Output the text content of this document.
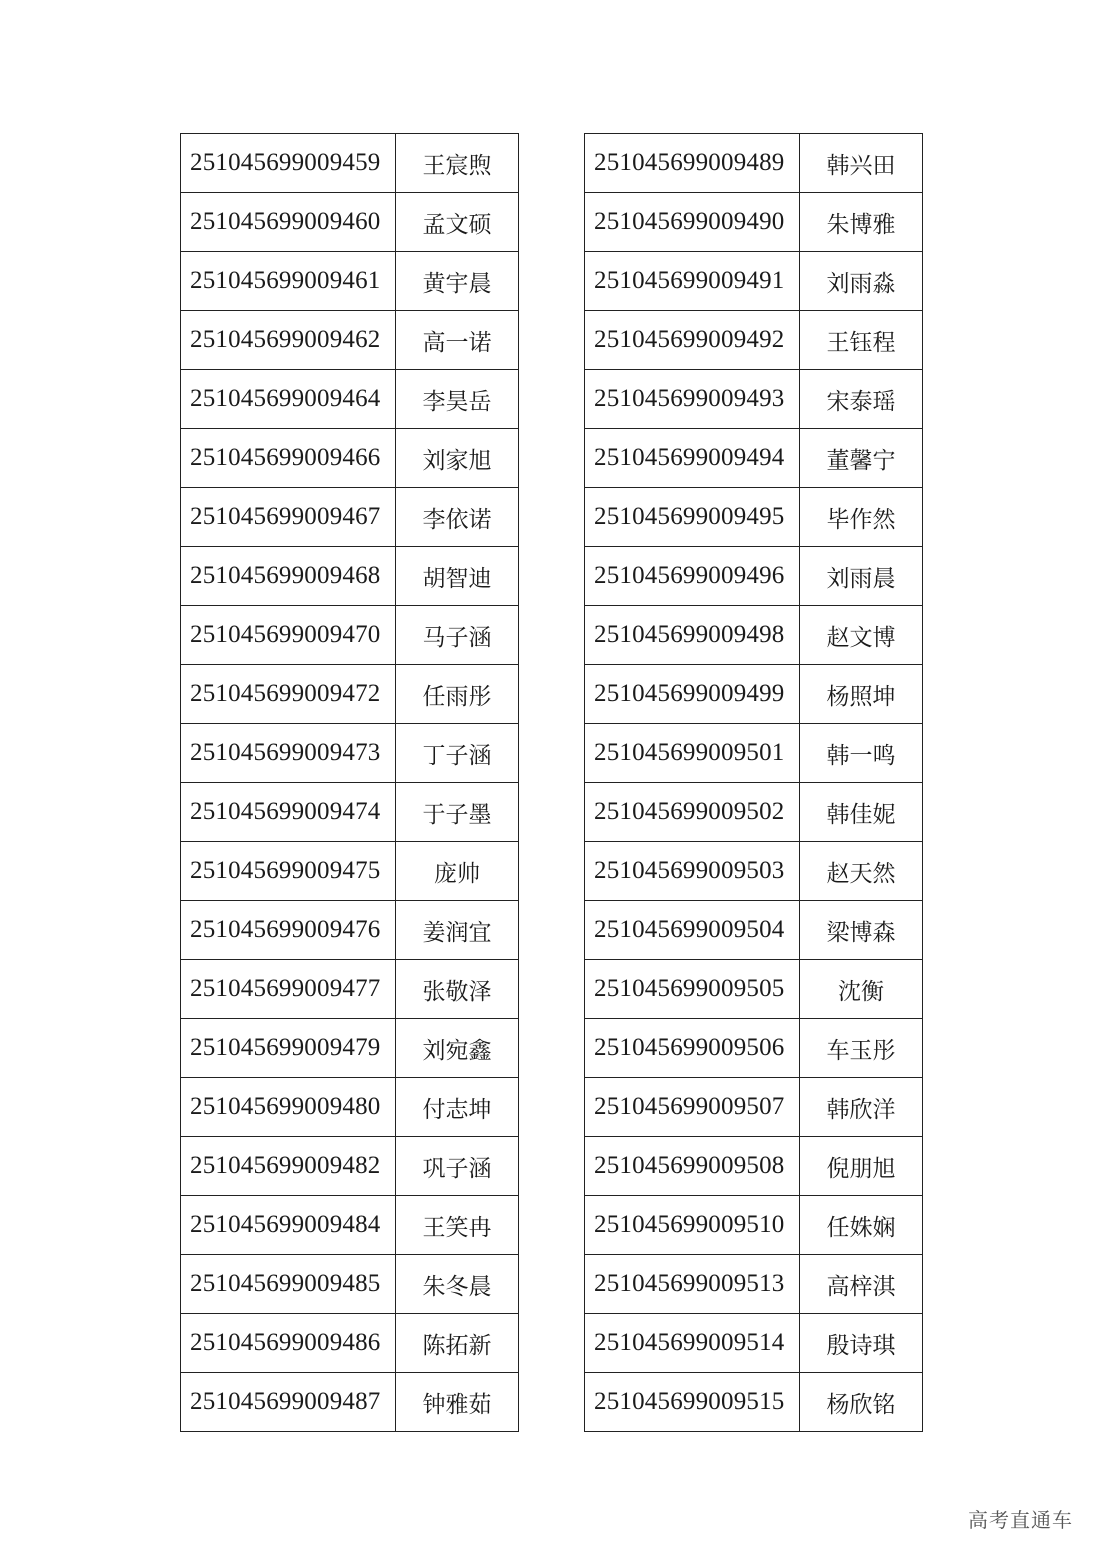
251045699009459	王宸煦
251045699009460	孟文硕
251045699009461	黄宇晨
251045699009462	高一诺
251045699009464	李昊岳
251045699009466	刘家旭
251045699009467	李依诺
251045699009468	胡智迪
251045699009470	马子涵
251045699009472	任雨彤
251045699009473	丁子涵
251045699009474	于子墨
251045699009475	庞帅
251045699009476	姜润宜
251045699009477	张敬泽
251045699009479	刘宛鑫
251045699009480	付志坤
251045699009482	巩子涵
251045699009484	王笑冉
251045699009485	朱冬晨
251045699009486	陈拓新
251045699009487	钟雅茹
251045699009489	韩兴田
251045699009490	朱博雅
251045699009491	刘雨淼
251045699009492	王钰程
251045699009493	宋泰瑶
251045699009494	董馨宁
251045699009495	毕作然
251045699009496	刘雨晨
251045699009498	赵文博
251045699009499	杨照坤
251045699009501	韩一鸣
251045699009502	韩佳妮
251045699009503	赵天然
251045699009504	梁博森
251045699009505	沈衡
251045699009506	车玉彤
251045699009507	韩欣洋
251045699009508	倪朋旭
251045699009510	任姝娴
251045699009513	高梓淇
251045699009514	殷诗琪
251045699009515	杨欣铭
高考直通车
